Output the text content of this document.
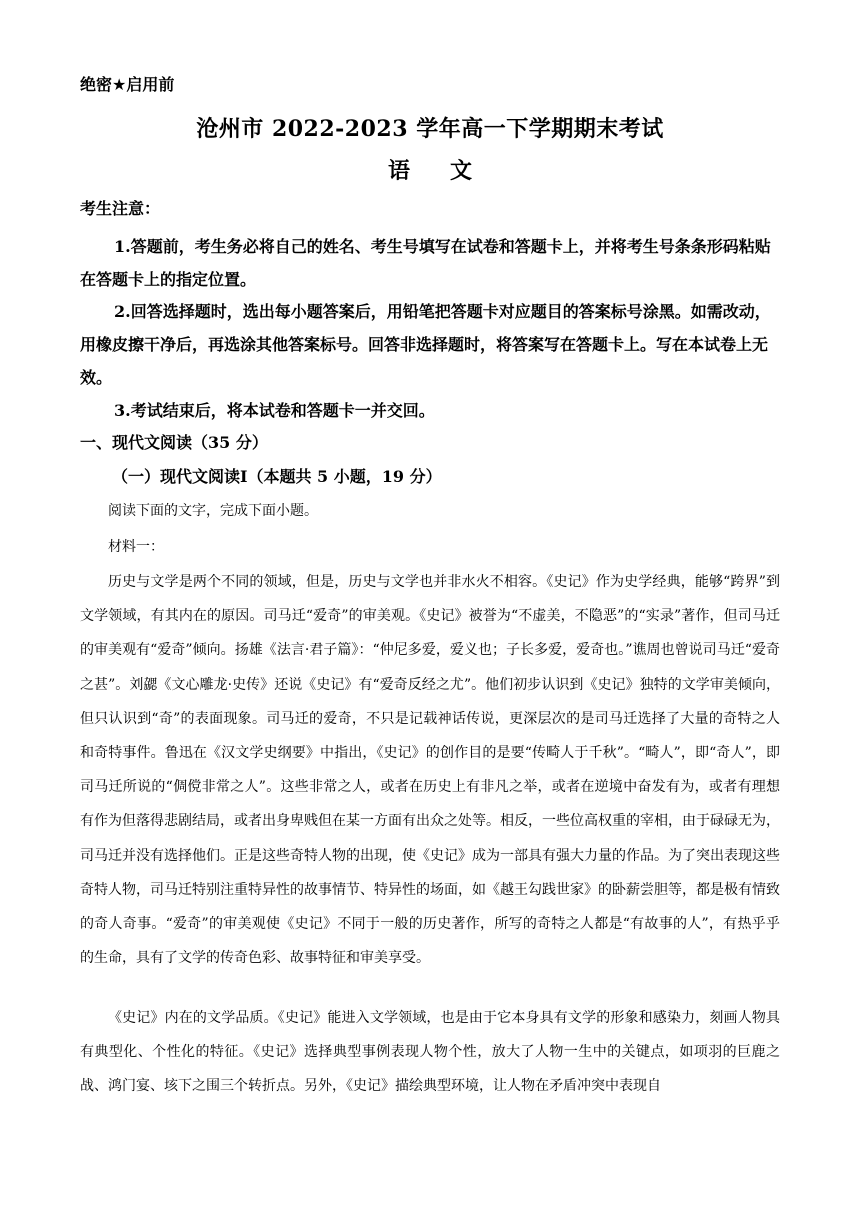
绝密★启用前
沧州市 2022-2023 学年高一下学期期末考试
语文
考生注意：
1.答题前，考生务必将自己的姓名、考生号填写在试卷和答题卡上，并将考生号条条形码粘贴在答题卡上的指定位置。
2.回答选择题时，选出每小题答案后，用铅笔把答题卡对应题目的答案标号涂黑。如需改动，用橡皮擦干净后，再选涂其他答案标号。回答非选择题时，将答案写在答题卡上。写在本试卷上无效。
3.考试结束后，将本试卷和答题卡一并交回。
一、现代文阅读（35 分）
（一）现代文阅读Ⅰ（本题共 5 小题，19 分）
阅读下面的文字，完成下面小题。
材料一：
历史与文学是两个不同的领域，但是，历史与文学也并非水火不相容。《史记》作为史学经典，能够“跨界”到文学领域，有其内在的原因。司马迁“爱奇”的审美观。《史记》被誉为“不虚美，不隐恶”的“实录”著作，但司马迁的审美观有“爱奇”倾向。扬雄《法言·君子篇》：“仲尼多爱，爱义也；子长多爱，爱奇也。”谯周也曾说司马迁“爱奇之甚”。刘勰《文心雕龙·史传》还说《史记》有“爱奇反经之尤”。他们初步认识到《史记》独特的文学审美倾向，但只认识到“奇”的表面现象。司马迁的爱奇，不只是记载神话传说，更深层次的是司马迁选择了大量的奇特之人和奇特事件。鲁迅在《汉文学史纲要》中指出，《史记》的创作目的是要“传畸人于千秋”。“畸人”，即“奇人”，即司马迁所说的“倜傥非常之人”。这些非常之人，或者在历史上有非凡之举，或者在逆境中奋发有为，或者有理想有作为但落得悲剧结局，或者出身卑贱但在某一方面有出众之处等。相反，一些位高权重的宰相，由于碌碌无为，司马迁并没有选择他们。正是这些奇特人物的出现，使《史记》成为一部具有强大力量的作品。为了突出表现这些奇特人物，司马迁特别注重特异性的故事情节、特异性的场面，如《越王勾践世家》的卧薪尝胆等，都是极有情致的奇人奇事。“爱奇”的审美观使《史记》不同于一般的历史著作，所写的奇特之人都是“有故事的人”，有热乎乎的生命，具有了文学的传奇色彩、故事特征和审美享受。
《史记》内在的文学品质。《史记》能进入文学领域，也是由于它本身具有文学的形象和感染力，刻画人物具有典型化、个性化的特征。《史记》选择典型事例表现人物个性，放大了人物一生中的关键点，如项羽的巨鹿之战、鸿门宴、垓下之围三个转折点。另外，《史记》描绘典型环境，让人物在矛盾冲突中表现自
